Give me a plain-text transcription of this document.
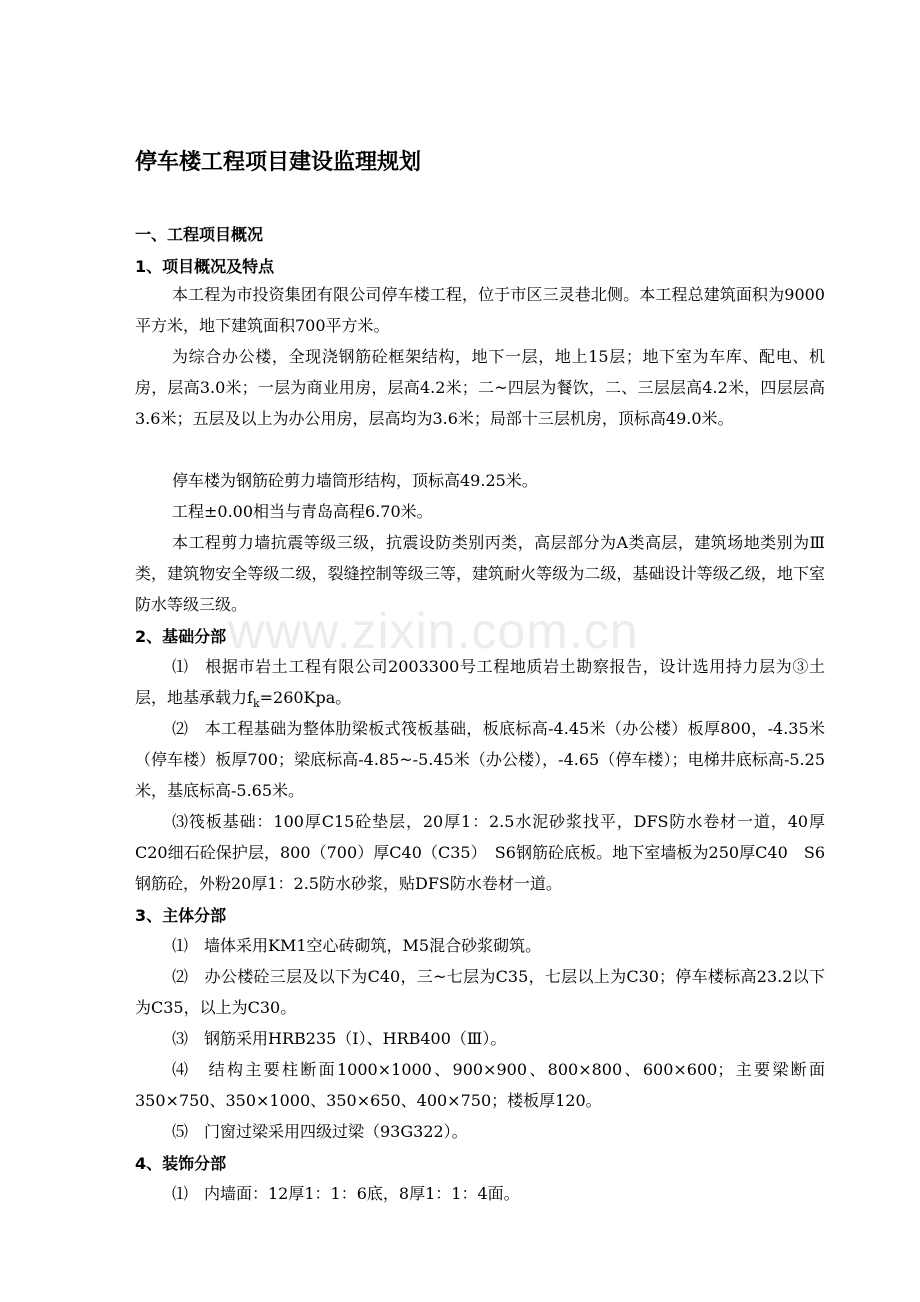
www.zixin.com.cn
停车楼工程项目建设监理规划
一、工程项目概况
1、项目概况及特点
本工程为市投资集团有限公司停车楼工程，位于市区三灵巷北侧。本工程总建筑面积为9000平方米，地下建筑面积700平方米。
为综合办公楼，全现浇钢筋砼框架结构，地下一层，地上15层；地下室为车库、配电、机房，层高3.0米；一层为商业用房，层高4.2米；二~四层为餐饮，二、三层层高4.2米，四层层高3.6米；五层及以上为办公用房，层高均为3.6米；局部十三层机房，顶标高49.0米。
停车楼为钢筋砼剪力墙筒形结构，顶标高49.25米。
工程±0.00相当与青岛高程6.70米。
本工程剪力墙抗震等级三级，抗震设防类别丙类，高层部分为A类高层，建筑场地类别为Ⅲ类，建筑物安全等级二级，裂缝控制等级三等，建筑耐火等级为二级，基础设计等级乙级，地下室防水等级三级。
2、基础分部
⑴　根据市岩土工程有限公司2003300号工程地质岩土勘察报告，设计选用持力层为③土层，地基承载力$f_k=260Kpa$。
⑵　本工程基础为整体肋梁板式筏板基础，板底标高-4.45米（办公楼）板厚800，-4.35米（停车楼）板厚700；梁底标高-4.85~-5.45米（办公楼），-4.65（停车楼）；电梯井底标高-5.25米，基底标高-5.65米。
⑶筏板基础：100厚C15砼垫层，20厚1：2.5水泥砂浆找平，DFS防水卷材一道，40厚C20细石砼保护层，800（700）厚C40（C35）　S6钢筋砼底板。地下室墙板为250厚C40　S6钢筋砼，外粉20厚1：2.5防水砂浆，贴DFS防水卷材一道。
3、主体分部
⑴　墙体采用KM1空心砖砌筑，M5混合砂浆砌筑。
⑵　办公楼砼三层及以下为C40，三~七层为C35，七层以上为C30；停车楼标高23.2以下为C35，以上为C30。
⑶　钢筋采用HRB235（Ⅰ）、HRB400（Ⅲ）。
⑷　结构主要柱断面1000×1000、900×900、800×800、600×600；主要梁断面350×750、350×1000、350×650、400×750；楼板厚120。
⑸　门窗过梁采用四级过梁（93G322）。
4、装饰分部
⑴　内墙面：12厚1：1：6底，8厚1：1：4面。
